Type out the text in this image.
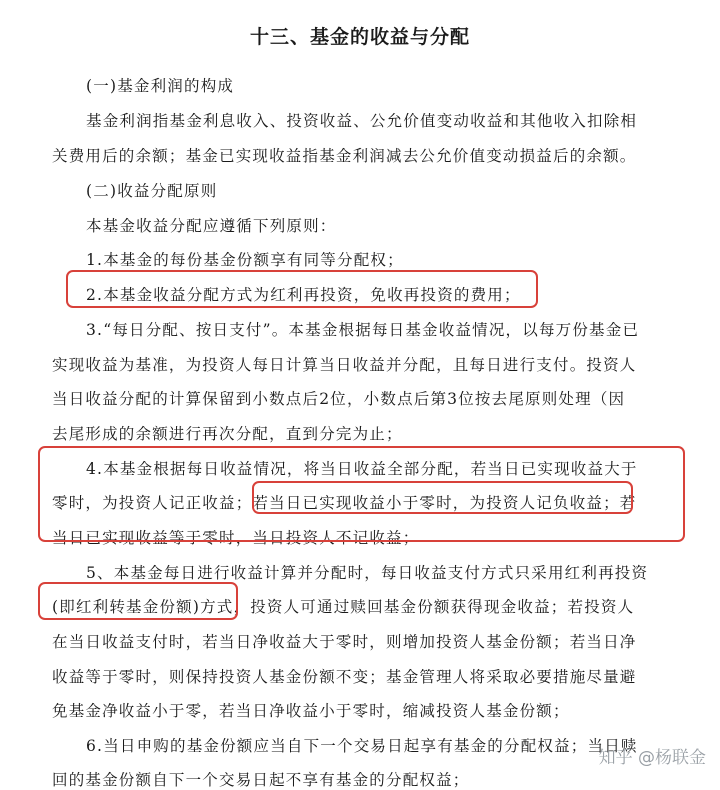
十三、基金的收益与分配
(一)基金利润的构成
基金利润指基金利息收入、投资收益、公允价值变动收益和其他收入扣除相
关费用后的余额；基金已实现收益指基金利润减去公允价值变动损益后的余额。
(二)收益分配原则
本基金收益分配应遵循下列原则：
1.本基金的每份基金份额享有同等分配权；
2.本基金收益分配方式为红利再投资，免收再投资的费用；
3.“每日分配、按日支付”。本基金根据每日基金收益情况，以每万份基金已
实现收益为基准，为投资人每日计算当日收益并分配，且每日进行支付。投资人
当日收益分配的计算保留到小数点后2位，小数点后第3位按去尾原则处理（因
去尾形成的余额进行再次分配，直到分完为止；
4.本基金根据每日收益情况，将当日收益全部分配，若当日已实现收益大于
零时，为投资人记正收益；若当日已实现收益小于零时，为投资人记负收益；若
当日已实现收益等于零时，当日投资人不记收益；
5、本基金每日进行收益计算并分配时，每日收益支付方式只采用红利再投资
(即红利转基金份额)方式，投资人可通过赎回基金份额获得现金收益；若投资人
在当日收益支付时，若当日净收益大于零时，则增加投资人基金份额；若当日净
收益等于零时，则保持投资人基金份额不变；基金管理人将采取必要措施尽量避
免基金净收益小于零，若当日净收益小于零时，缩减投资人基金份额；
6.当日申购的基金份额应当自下一个交易日起享有基金的分配权益；当日赎
回的基金份额自下一个交易日起不享有基金的分配权益；
知乎 @杨联金
